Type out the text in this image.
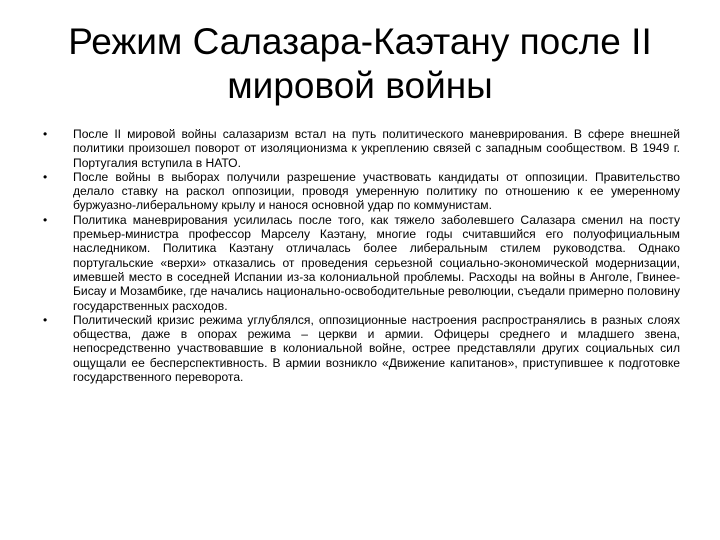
Режим Салазара-Каэтану после II мировой войны
•	После II мировой войны салазаризм встал на путь политического маневрирования. В сфере внешней политики произошел поворот от изоляционизма к укреплению связей с западным сообществом. В 1949 г. Португалия вступила в НАТО.
•	После войны в выборах получили разрешение участвовать кандидаты от оппозиции. Правительство делало ставку на раскол оппозиции, проводя умеренную политику по отношению к ее умеренному буржуазно-либеральному крылу и нанося основной удар по коммунистам.
•	Политика маневрирования усилилась после того, как тяжело заболевшего Салазара сменил на посту премьер-министра профессор Марселу Каэтану, многие годы считавшийся его полуофициальным наследником. Политика Каэтану отличалась более либеральным стилем руководства. Однако португальские «верхи» отказались от проведения серьезной социально-экономической модернизации, имевшей место в соседней Испании из-за колониальной проблемы. Расходы на войны в Анголе, Гвинее-Бисау и Мозамбике, где начались национально-освободительные революции, съедали примерно половину государственных расходов.
•	Политический кризис режима углублялся, оппозиционные настроения распространялись в разных слоях общества, даже в опорах режима – церкви и армии. Офицеры среднего и младшего звена, непосредственно участвовавшие в колониальной войне, острее представляли других социальных сил ощущали ее бесперспективность. В армии возникло «Движение капитанов», приступившее к подготовке государственного переворота.
